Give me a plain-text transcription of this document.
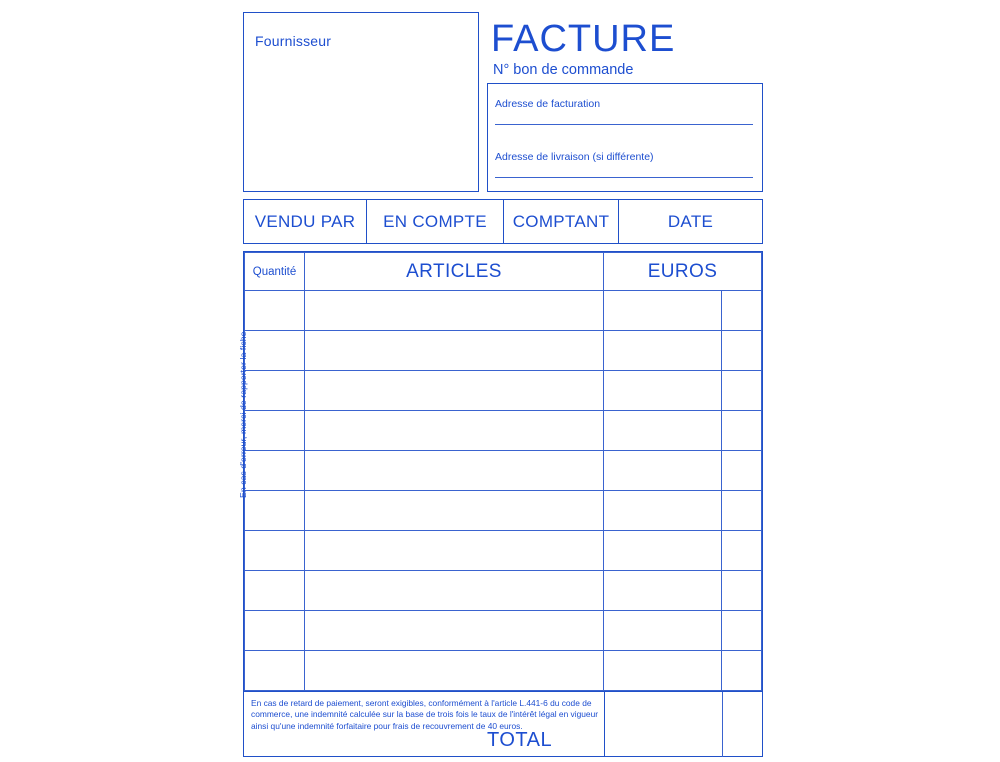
Fournisseur	FACTURE
N° bon de commande
Adresse de facturation
Adresse de livraison (si différente)
VENDU PAR	EN COMPTE	COMPTANT	DATE
Quantité	ARTICLES	EUROS	

En cas de retard de paiement, seront exigibles, conformément à l'article L.441-6 du code de commerce, une indemnité calculée sur la base de trois fois le taux de l'intérêt légal en vigueur ainsi qu'une indemnité forfaitaire pour frais de recouvrement de 40 euros.
TOTAL
En cas d'erreur, merci de rapporter la fiche
